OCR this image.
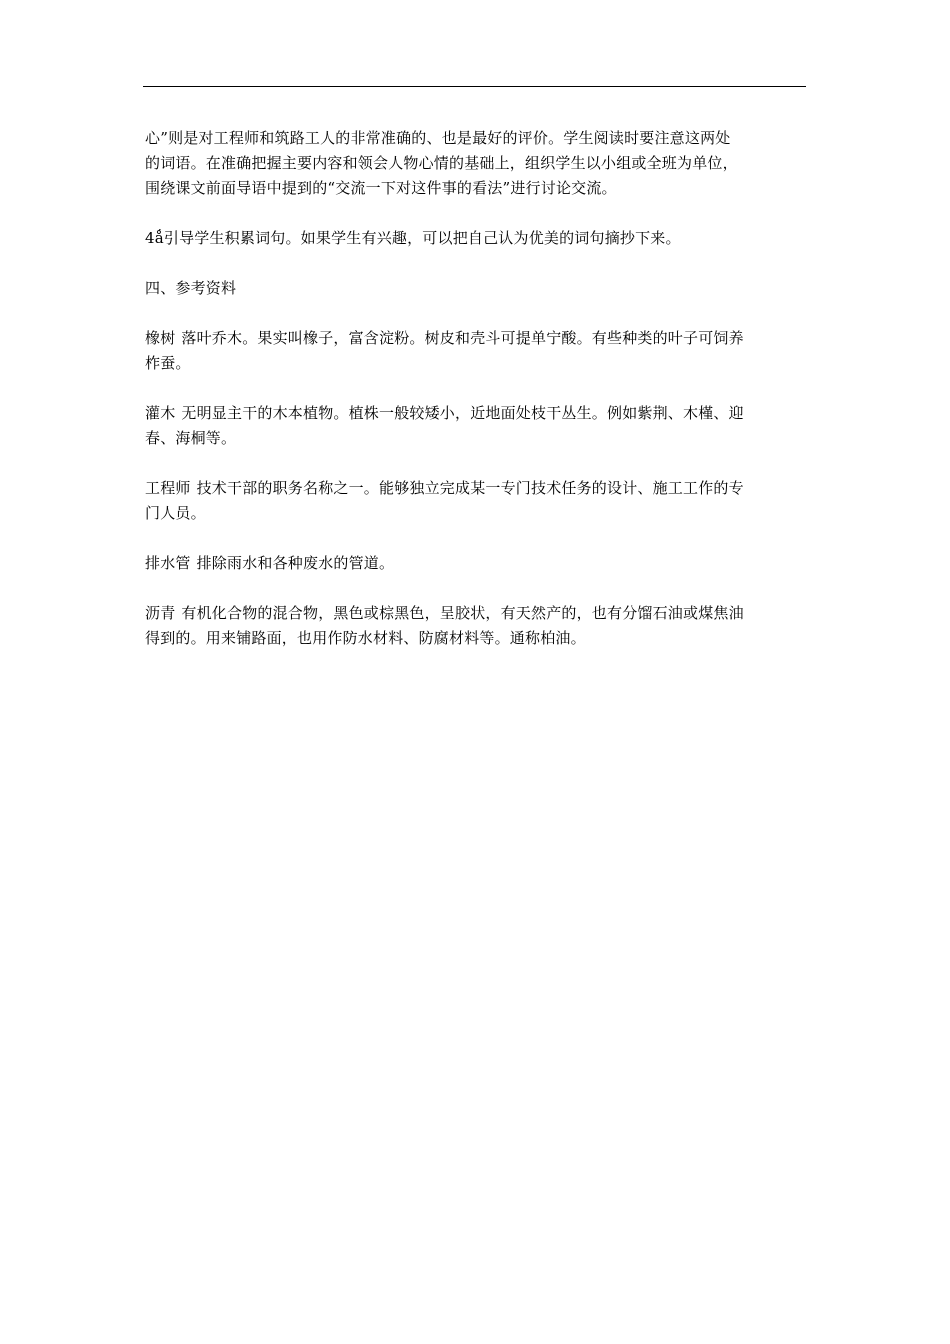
心”则是对工程师和筑路工人的非常准确的、也是最好的评价。学生阅读时要注意这两处
的词语。在准确把握主要内容和领会人物心情的基础上，组织学生以小组或全班为单位，
围绕课文前面导语中提到的“交流一下对这件事的看法”进行讨论交流。

4ǻ引导学生积累词句。如果学生有兴趣，可以把自己认为优美的词句摘抄下来。

四、参考资料

橡树 落叶乔木。果实叫橡子，富含淀粉。树皮和壳斗可提单宁酸。有些种类的叶子可饲养
柞蚕。

灌木 无明显主干的木本植物。植株一般较矮小，近地面处枝干丛生。例如紫荆、木槿、迎
春、海桐等。

工程师 技术干部的职务名称之一。能够独立完成某一专门技术任务的设计、施工工作的专
门人员。

排水管 排除雨水和各种废水的管道。

沥青 有机化合物的混合物，黑色或棕黑色，呈胶状，有天然产的，也有分馏石油或煤焦油
得到的。用来铺路面，也用作防水材料、防腐材料等。通称柏油。
